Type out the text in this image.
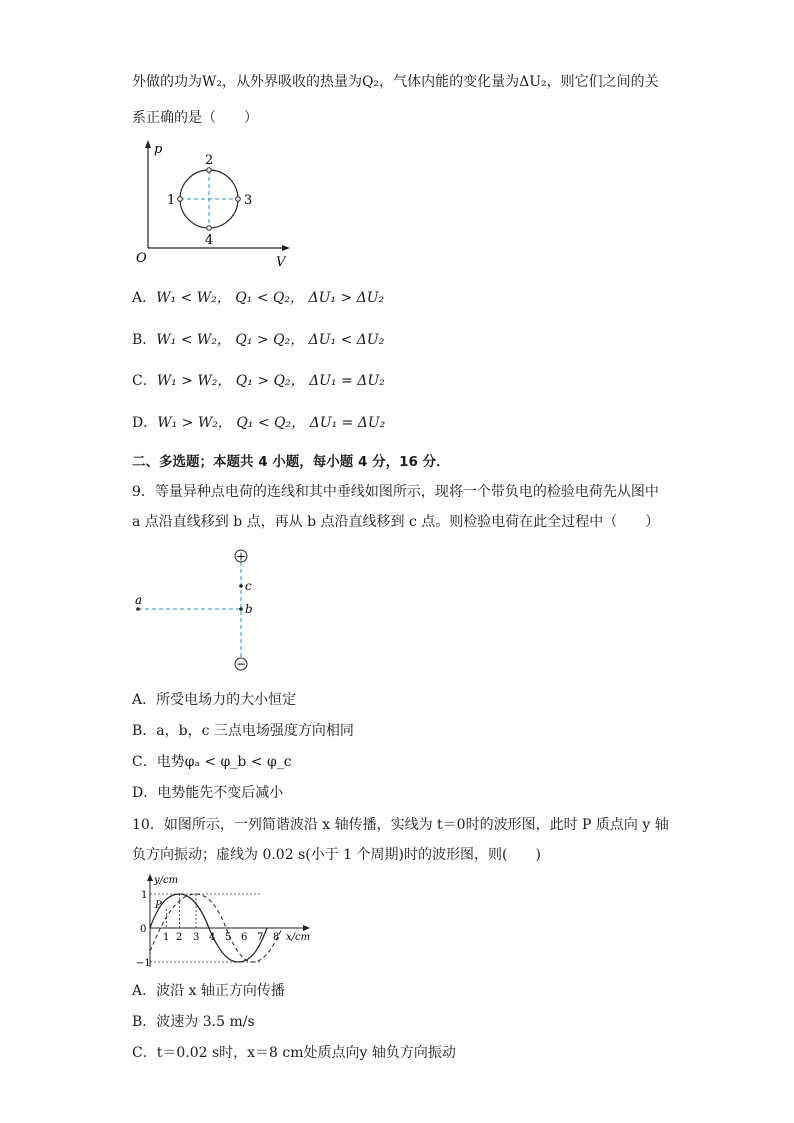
外做的功为W₂，从外界吸收的热量为Q₂，气体内能的变化量为ΔU₂，则它们之间的关
系正确的是（　　）
p
V
O
1
2
3
4
A．W₁ < W₂， Q₁ < Q₂， ΔU₁ > ΔU₂
B．W₁ < W₂， Q₁ > Q₂， ΔU₁ < ΔU₂
C．W₁ > W₂， Q₁ > Q₂， ΔU₁ = ΔU₂
D．W₁ > W₂， Q₁ < Q₂， ΔU₁ = ΔU₂
二、多选题；本题共 4 小题，每小题 4 分，16 分．
9．等量异种点电荷的连线和其中垂线如图所示，现将一个带负电的检验电荷先从图中
a 点沿直线移到 b 点，再从 b 点沿直线移到 c 点。则检验电荷在此全过程中（　　）
+
−
a
b
c
A．所受电场力的大小恒定
B．a，b，c 三点电场强度方向相同
C．电势φₐ < φ_b < φ_c
D．电势能先不变后减小
10．如图所示，一列简谐波沿 x 轴传播，实线为 t＝0时的波形图，此时 P 质点向 y 轴
负方向振动；虚线为 0.02 s(小于 1 个周期)时的波形图，则(　　)
y/cm
x/cm
0
P
1
−1
1 2 3 4 5 6 7 8
A．波沿 x 轴正方向传播
B．波速为 3.5 m/s
C．t＝0.02 s时，x＝8 cm处质点向y 轴负方向振动
